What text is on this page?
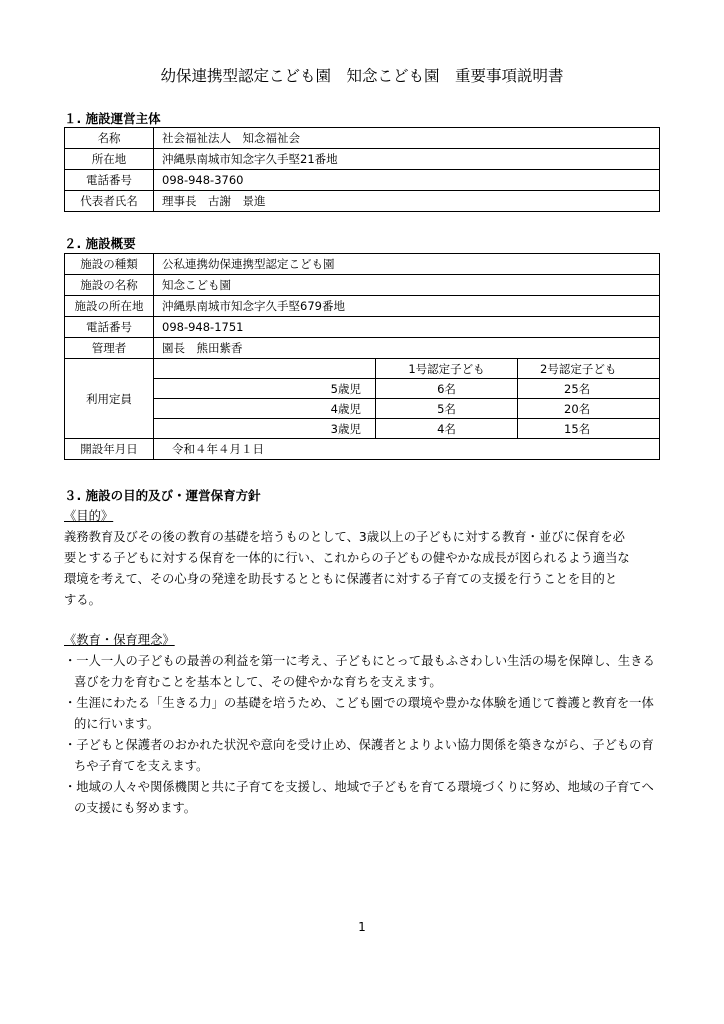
幼保連携型認定こども園　知念こども園　重要事項説明書
１. 施設運営主体
名称	社会福祉法人　知念福祉会
所在地	沖縄県南城市知念字久手堅21番地
電話番号	098-948-3760
代表者氏名	理事長　古謝　景進
２. 施設概要
施設の種類	公私連携幼保連携型認定こども園		
施設の名称	知念こども園		
施設の所在地	沖縄県南城市知念字久手堅679番地		
電話番号	098-948-1751		
管理者	園長　熊田紫香		
利用定員		1号認定子ども	2号認定子ども
	5歳児	6名	25名
	4歳児	5名	20名
	3歳児	4名	15名
開設年月日	令和４年４月１日		
３. 施設の目的及び・運営保育方針

《目的》

義務教育及びその後の教育の基礎を培うものとして、3歳以上の子どもに対する教育・並びに保育を必

要とする子どもに対する保育を一体的に行い、これからの子どもの健やかな成長が図られるよう適当な

環境を考えて、その心身の発達を助長するとともに保護者に対する子育ての支援を行うことを目的と

する。

《教育・保育理念》

・一人一人の子どもの最善の利益を第一に考え、子どもにとって最もふさわしい生活の場を保障し、生きる喜びを力を育むことを基本として、その健やかな育ちを支えます。

・生涯にわたる「生きる力」の基礎を培うため、こども園での環境や豊かな体験を通じて養護と教育を一体的に行います。

・子どもと保護者のおかれた状況や意向を受け止め、保護者とよりよい協力関係を築きながら、子どもの育ちや子育てを支えます。

・地域の人々や関係機関と共に子育てを支援し、地域で子どもを育てる環境づくりに努め、地域の子育てへの支援にも努めます。

1
